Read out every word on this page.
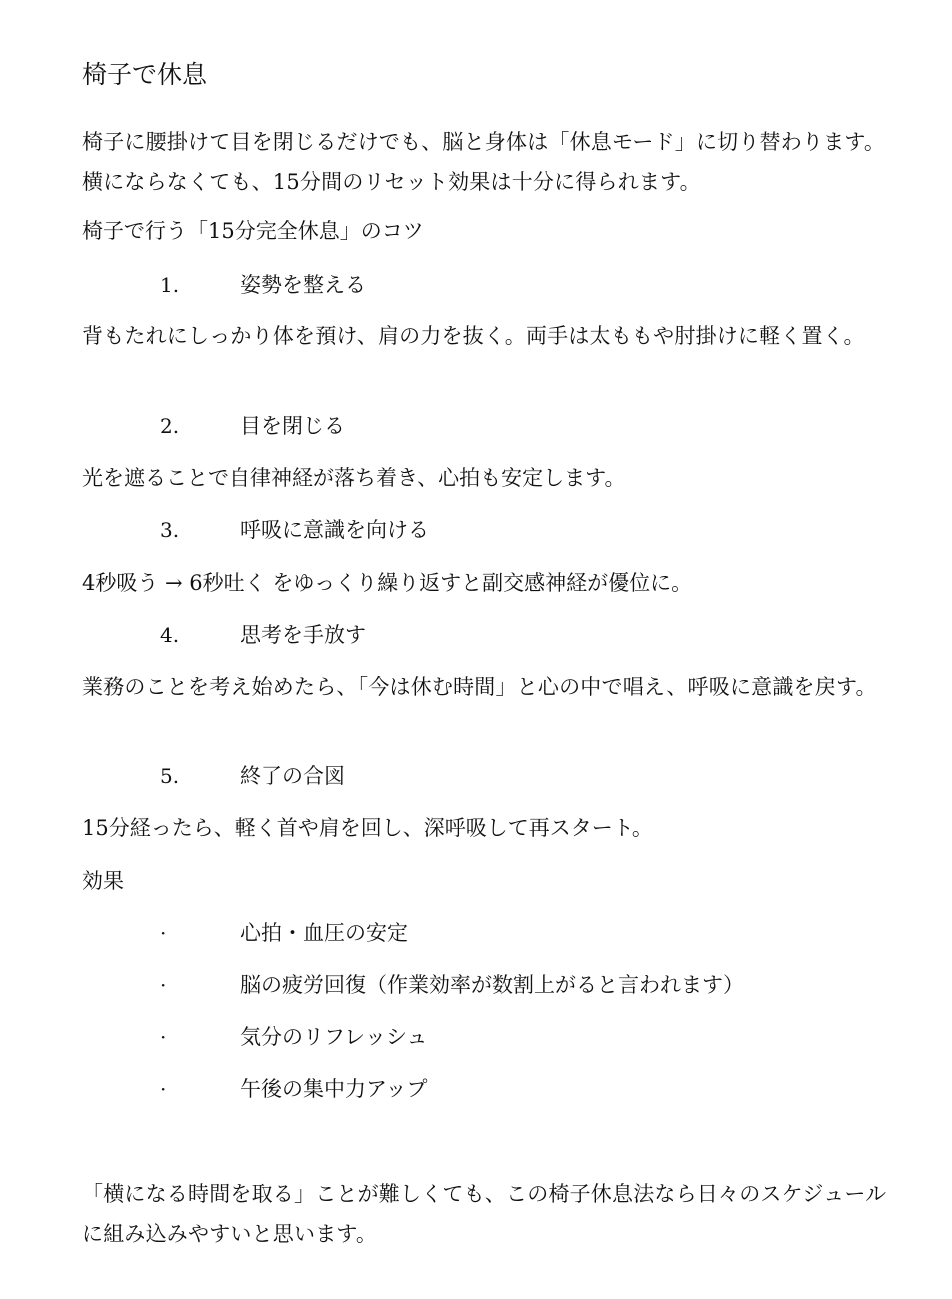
椅子で休息
椅子に腰掛けて目を閉じるだけでも、脳と身体は「休息モード」に切り替わります。横にならなくても、15分間のリセット効果は十分に得られます。
椅子で行う「15分完全休息」のコツ
1.	姿勢を整える
背もたれにしっかり体を預け、肩の力を抜く。両手は太ももや肘掛けに軽く置く。
2.	目を閉じる
光を遮ることで自律神経が落ち着き、心拍も安定します。
3.	呼吸に意識を向ける
4秒吸う → 6秒吐く をゆっくり繰り返すと副交感神経が優位に。
4.	思考を手放す
業務のことを考え始めたら、「今は休む時間」と心の中で唱え、呼吸に意識を戻す。
5.	終了の合図
15分経ったら、軽く首や肩を回し、深呼吸して再スタート。
効果
·	心拍・血圧の安定
·	脳の疲労回復（作業効率が数割上がると言われます）
·	気分のリフレッシュ
·	午後の集中力アップ
「横になる時間を取る」ことが難しくても、この椅子休息法なら日々のスケジュールに組み込みやすいと思います。
